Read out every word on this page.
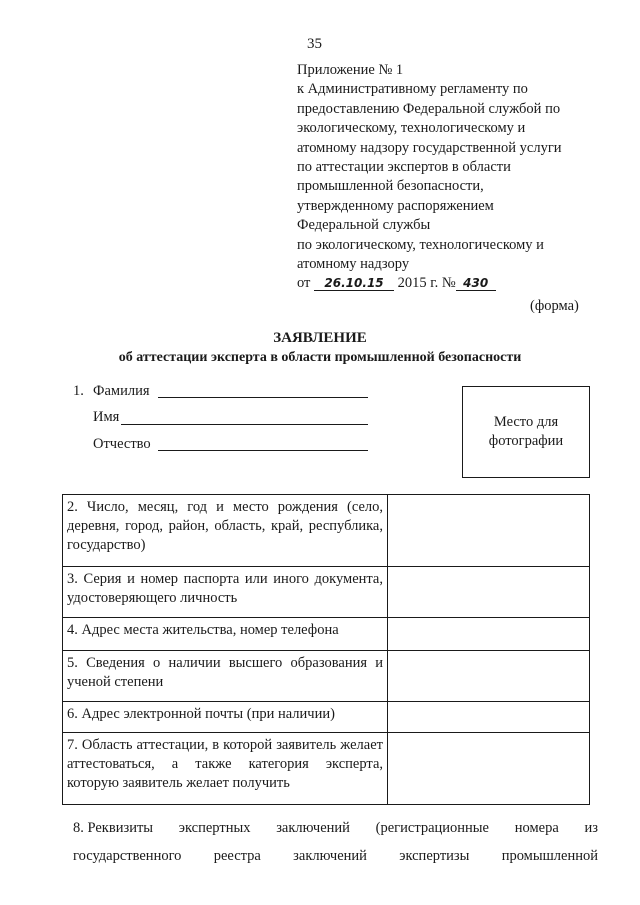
35
Приложение № 1
к Административному регламенту по
предоставлению Федеральной службой по
экологическому, технологическому и
атомному надзору государственной услуги
по аттестации экспертов в области
промышленной безопасности,
утвержденному распоряжением
Федеральной службы
по экологическому, технологическому и
атомному надзору
от 26.10.15 2015 г. № 430
(форма)
ЗАЯВЛЕНИЕ
об аттестации эксперта в области промышленной безопасности
1. Фамилия
Имя
Отчество
Место для фотографии
2. Число, месяц, год и место рождения (село, деревня, город, район, область, край, республика, государство)	

3. Серия и номер паспорта или иного документа, удостоверяющего личность	

4. Адрес места жительства, номер телефона	

5. Сведения о наличии высшего образования и ученой степени	

6. Адрес электронной почты (при наличии)	

7. Область аттестации, в которой заявитель желает аттестоваться, а также категория эксперта, которую заявитель желает получить	

8. Реквизиты экспертных заключений (регистрационные номера из
государственного реестра заключений экспертизы промышленной
